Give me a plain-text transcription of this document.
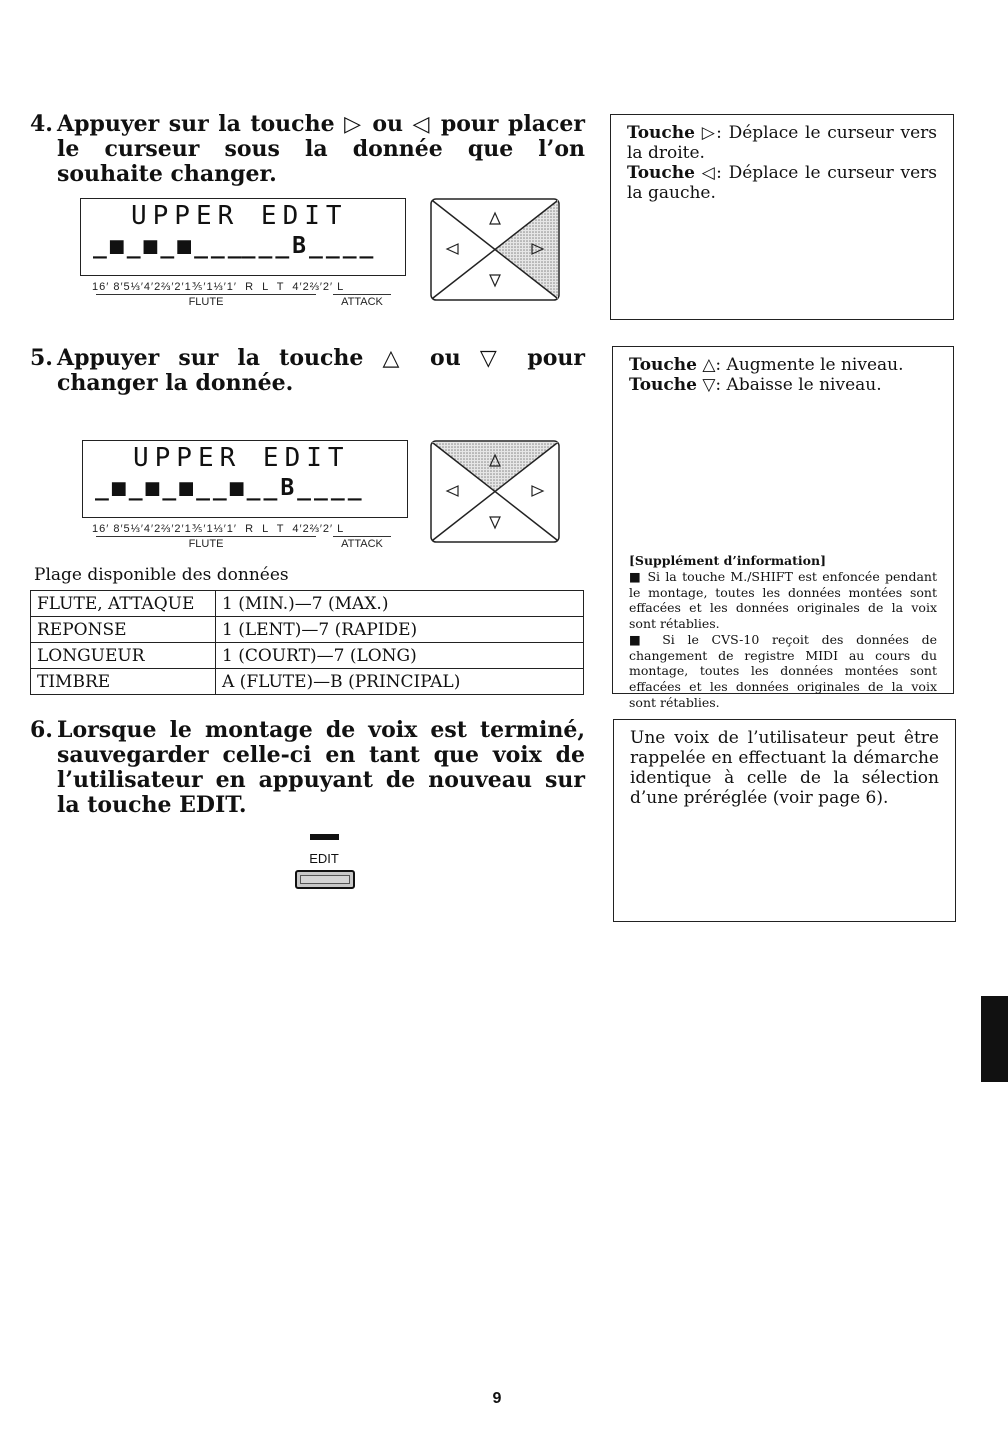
4. Appuyer sur la touche ▷ ou ◁ pour placer le curseur sous la donnée que l’on souhaite changer.
UPPER EDIT
_■_■_■___̲__B____
16′ 8′5⅓′4′2⅔′2′1⅗′1⅓′1′  R  L  T  4′2⅔′2′ L
FLUTE	ATTACK
Touche ▷: Déplace le curseur vers la droite.
Touche ◁: Déplace le curseur vers la gauche.
5. Appuyer sur la touche △ ou ▽ pour changer la donnée.
UPPER EDIT
_■_■_■__■__B____
16′ 8′5⅓′4′2⅔′2′1⅗′1⅓′1′  R  L  T  4′2⅔′2′ L
FLUTE	ATTACK
Plage disponible des données
FLUTE, ATTAQUE	1 (MIN.)—7 (MAX.)
REPONSE	1 (LENT)—7 (RAPIDE)
LONGUEUR	1 (COURT)—7 (LONG)
TIMBRE	A (FLUTE)—B (PRINCIPAL)
Touche △: Augmente le niveau.
Touche ▽: Abaisse le niveau.
[Supplément d’information]
■ Si la touche M./SHIFT est enfoncée pendant le montage, toutes les données montées sont effacées et les données originales de la voix sont rétablies.
■ Si le CVS-10 reçoit des données de changement de registre MIDI au cours du montage, toutes les données montées sont effacées et les données originales de la voix sont rétablies.
6. Lorsque le montage de voix est terminé, sauvegarder celle-ci en tant que voix de l’utilisateur en appuyant de nouveau sur la touche EDIT.
EDIT
Une voix de l’utilisateur peut être rappelée en effectuant la démarche identique à celle de la sélection d’une préréglée (voir page 6).
9
